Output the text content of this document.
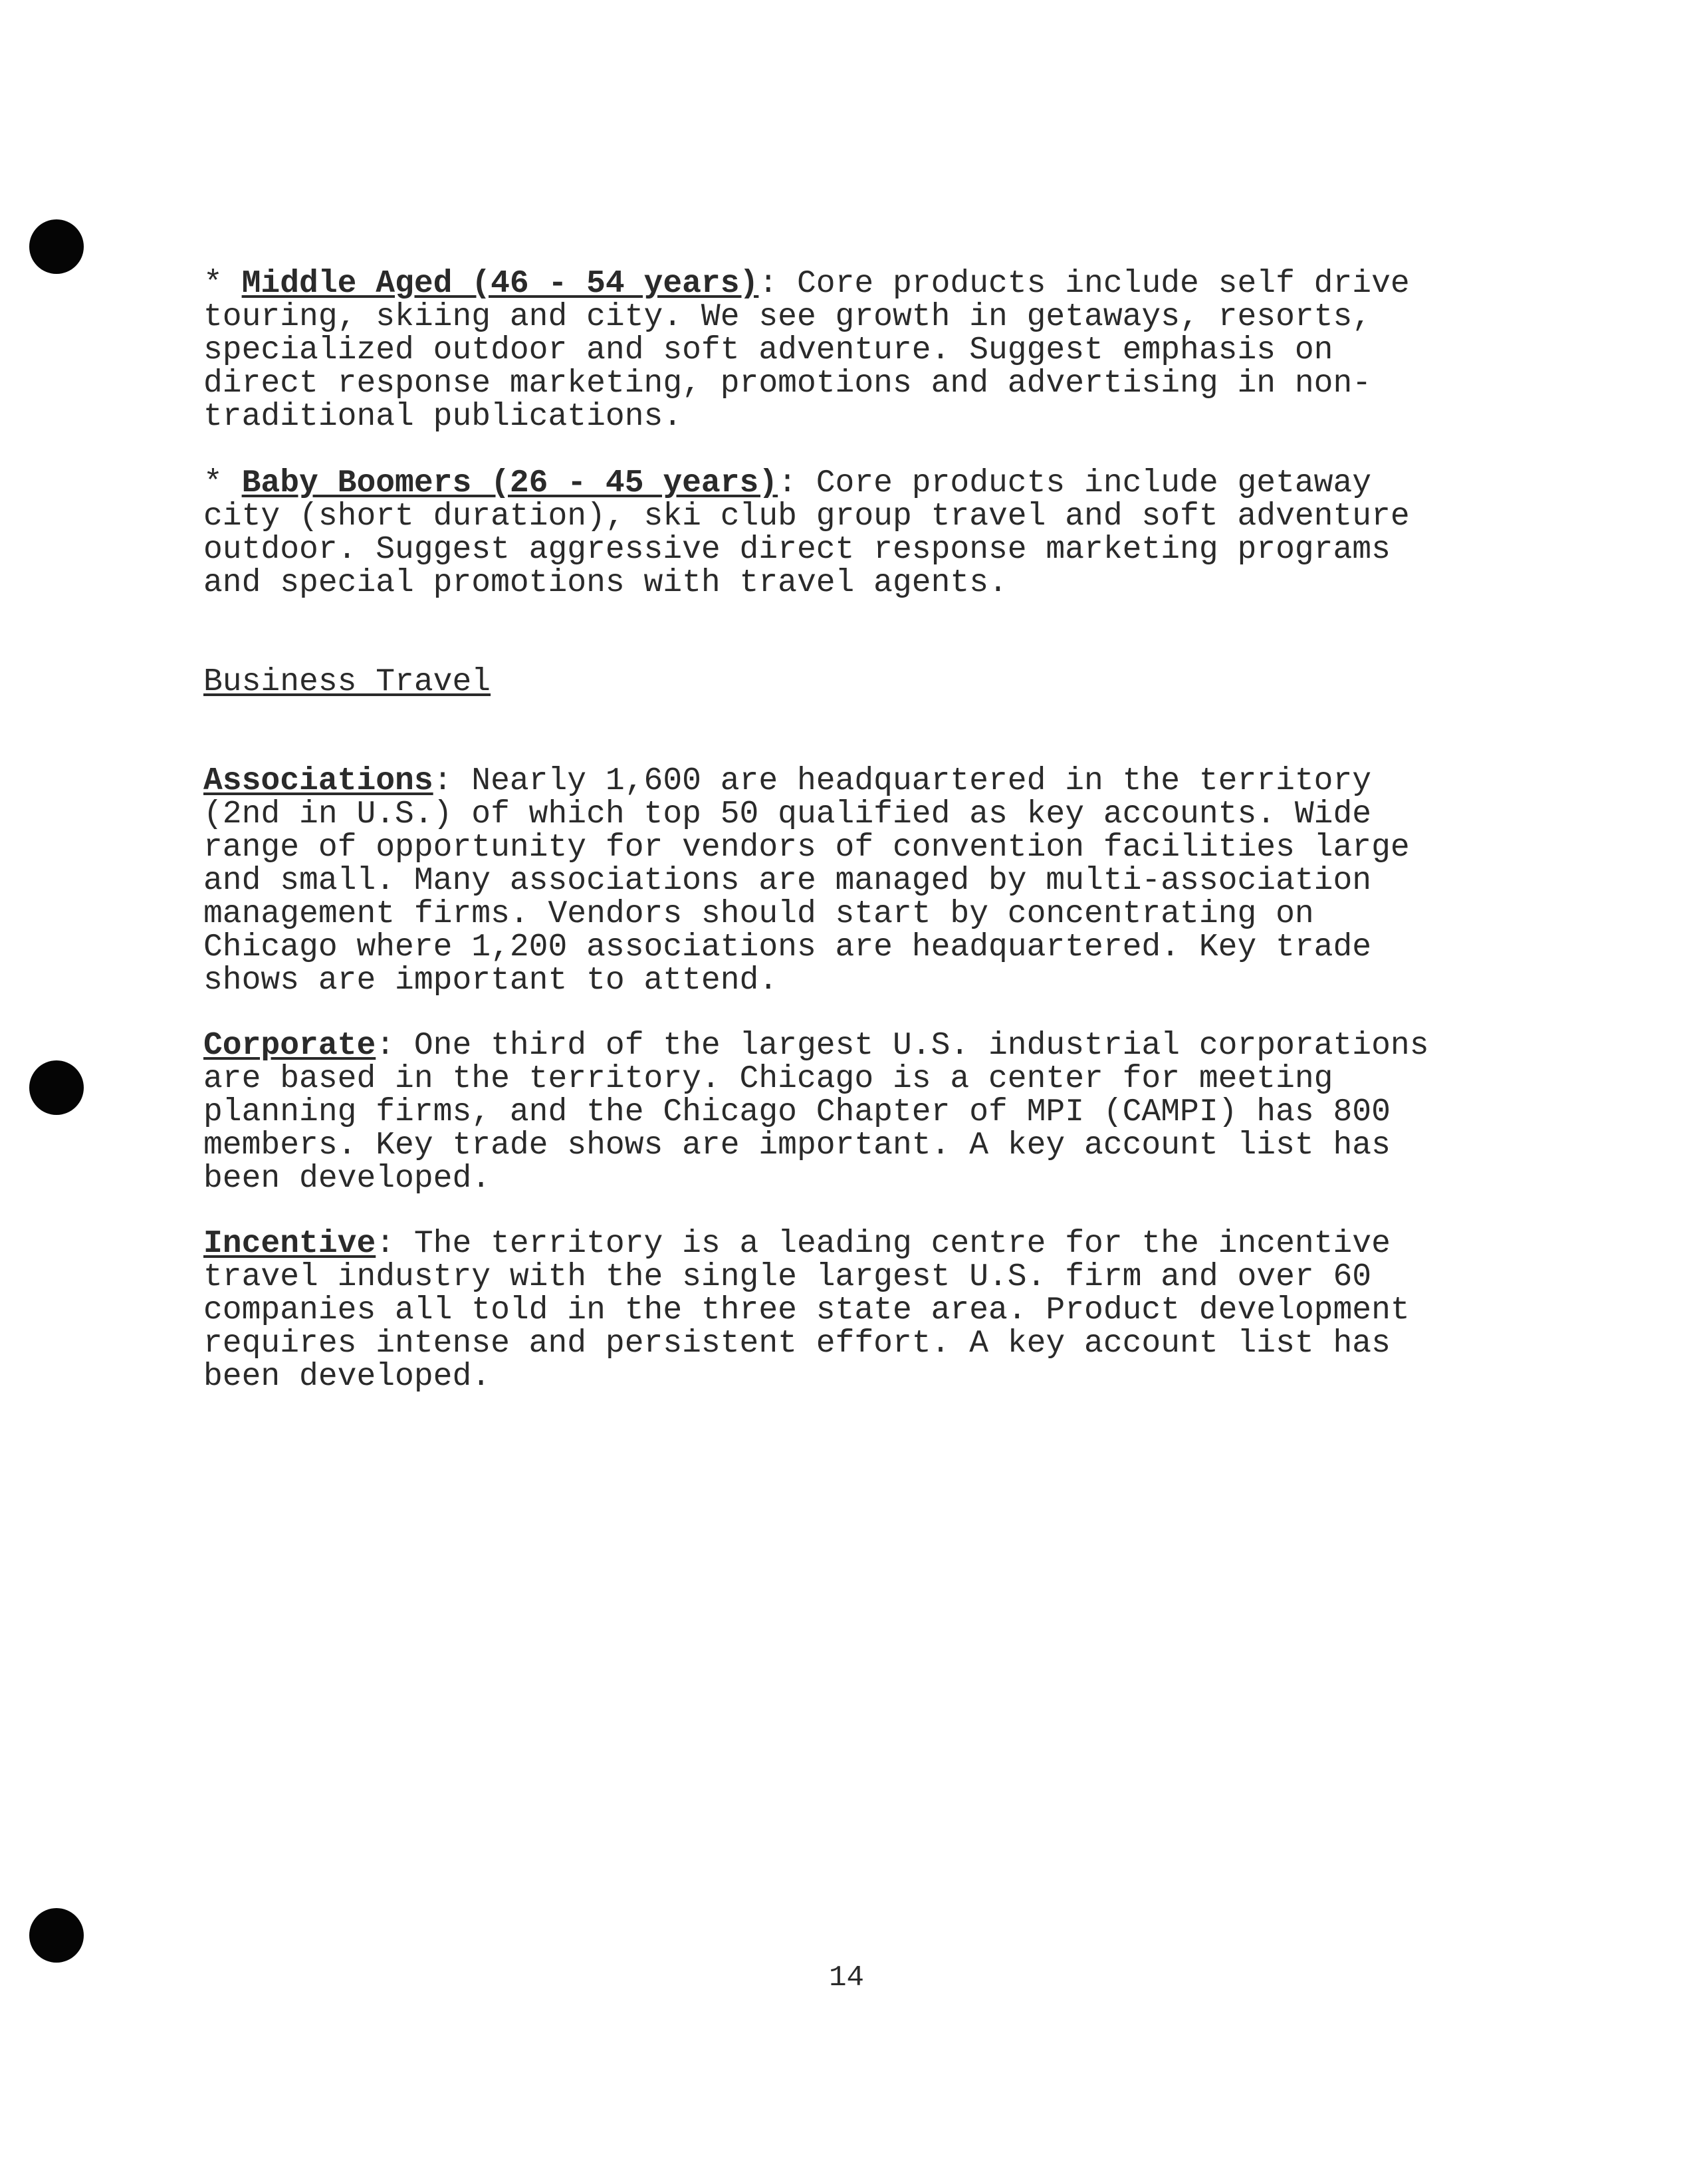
* Middle Aged (46 - 54 years): Core products include self drive
touring, skiing and city. We see growth in getaways, resorts,
specialized outdoor and soft adventure. Suggest emphasis on
direct response marketing, promotions and advertising in non-
traditional publications.

* Baby Boomers (26 - 45 years): Core products include getaway
city (short duration), ski club group travel and soft adventure
outdoor. Suggest aggressive direct response marketing programs
and special promotions with travel agents.

Business Travel

Associations: Nearly 1,600 are headquartered in the territory
(2nd in U.S.) of which top 50 qualified as key accounts. Wide
range of opportunity for vendors of convention facilities large
and small. Many associations are managed by multi-association
management firms. Vendors should start by concentrating on
Chicago where 1,200 associations are headquartered. Key trade
shows are important to attend.

Corporate: One third of the largest U.S. industrial corporations
are based in the territory. Chicago is a center for meeting
planning firms, and the Chicago Chapter of MPI (CAMPI) has 800
members. Key trade shows are important. A key account list has
been developed.

Incentive: The territory is a leading centre for the incentive
travel industry with the single largest U.S. firm and over 60
companies all told in the three state area. Product development
requires intense and persistent effort. A key account list has
been developed.

14
